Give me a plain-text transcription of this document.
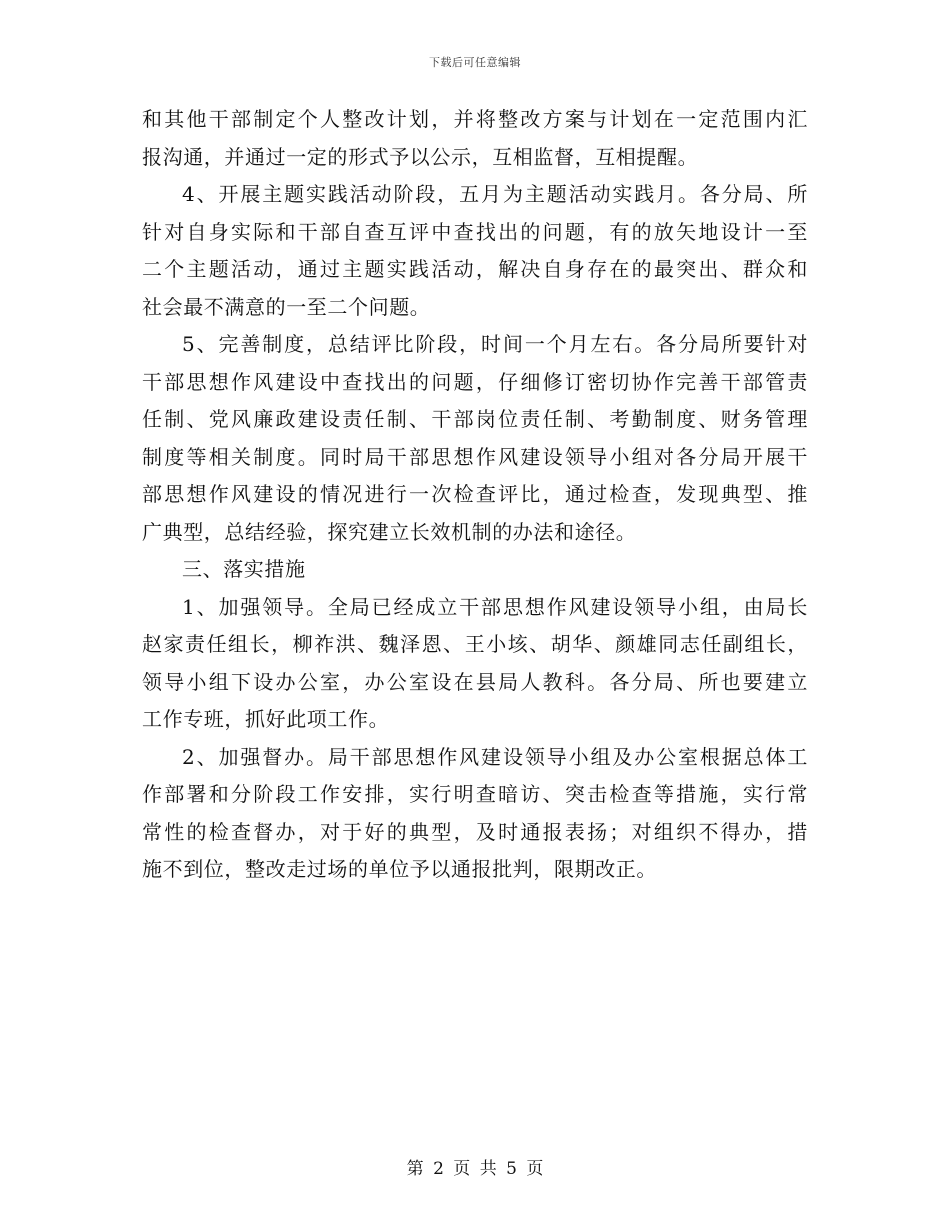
下载后可任意编辑
和其他干部制定个人整改计划，并将整改方案与计划在一定范围内汇
报沟通，并通过一定的形式予以公示，互相监督，互相提醒。
4、开展主题实践活动阶段，五月为主题活动实践月。各分局、所
针对自身实际和干部自查互评中查找出的问题，有的放矢地设计一至
二个主题活动，通过主题实践活动，解决自身存在的最突出、群众和
社会最不满意的一至二个问题。
5、完善制度，总结评比阶段，时间一个月左右。各分局所要针对
干部思想作风建设中查找出的问题，仔细修订密切协作完善干部管责
任制、党风廉政建设责任制、干部岗位责任制、考勤制度、财务管理
制度等相关制度。同时局干部思想作风建设领导小组对各分局开展干
部思想作风建设的情况进行一次检查评比，通过检查，发现典型、推
广典型，总结经验，探究建立长效机制的办法和途径。
三、落实措施
1、加强领导。全局已经成立干部思想作风建设领导小组，由局长
赵家责任组长，柳祚洪、魏泽恩、王小垓、胡华、颜雄同志任副组长，
领导小组下设办公室，办公室设在县局人教科。各分局、所也要建立
工作专班，抓好此项工作。
2、加强督办。局干部思想作风建设领导小组及办公室根据总体工
作部署和分阶段工作安排，实行明查暗访、突击检查等措施，实行常
常性的检查督办，对于好的典型，及时通报表扬；对组织不得办，措
施不到位，整改走过场的单位予以通报批判，限期改正。
第 2 页 共 5 页
